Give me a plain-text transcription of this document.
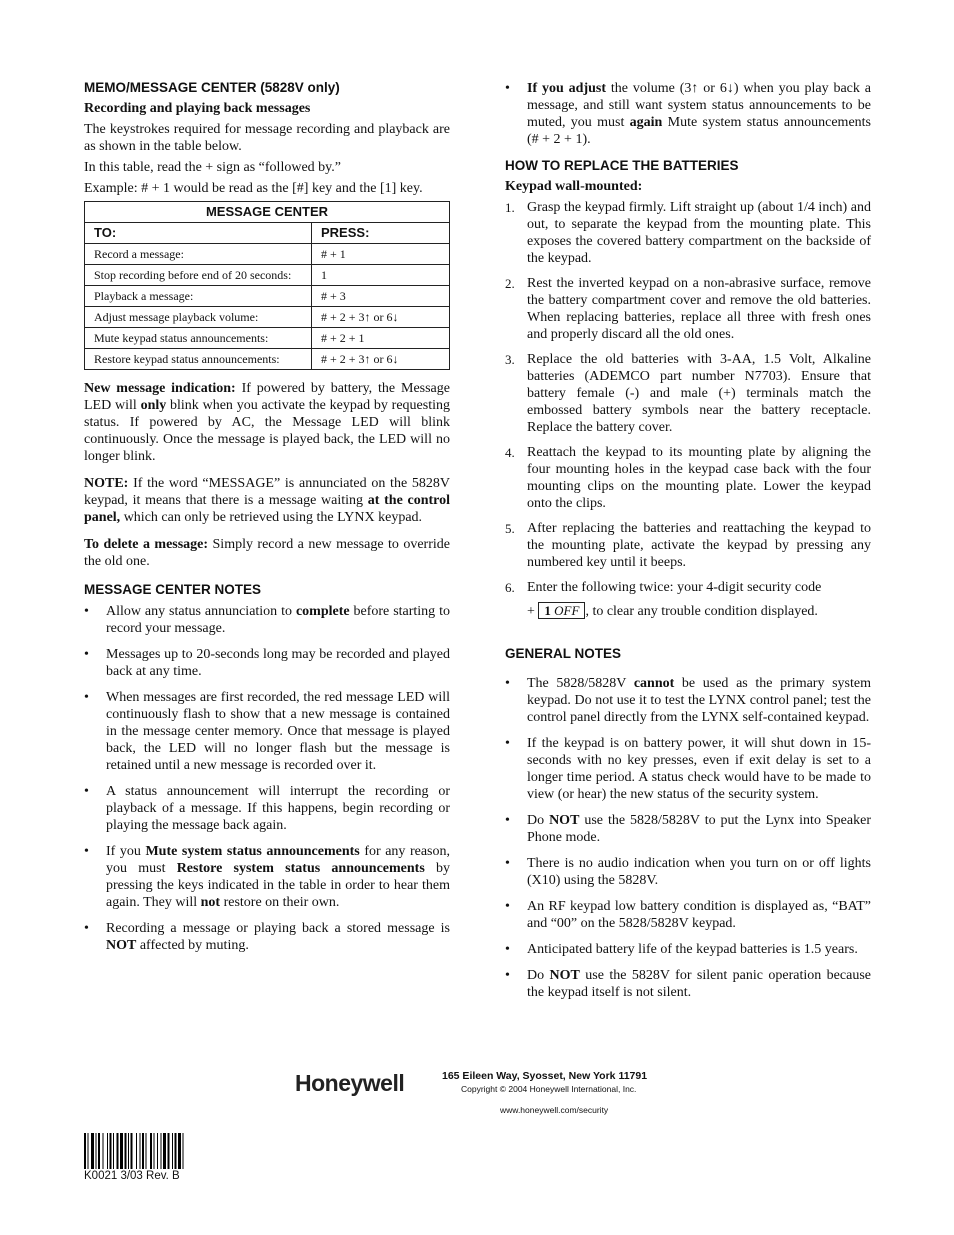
MEMO/MESSAGE CENTER (5828V only)
Recording and playing back messages

The keystrokes required for message recording and playback are as shown in the table below.

In this table, read the + sign as “followed by.”

Example: # + 1 would be read as the [#] key and the [1] key.

MESSAGE CENTER	
TO:	PRESS:
Record a message:	# + 1
Stop recording before end of 20 seconds:	1
Playback a message:	# + 3
Adjust message playback volume:	# + 2 + 3↑ or 6↓
Mute keypad status announcements:	# + 2 + 1
Restore keypad status announcements:	# + 2 + 3↑ or 6↓

New message indication: If powered by battery, the Message LED will only blink when you activate the keypad by requesting status. If powered by AC, the Message LED will blink continuously. Once the message is played back, the LED will no longer blink.

NOTE: If the word “MESSAGE” is annunciated on the 5828V keypad, it means that there is a message waiting at the control panel, which can only be retrieved using the LYNX keypad.

To delete a message: Simply record a new message to override the old one.

MESSAGE CENTER NOTES
• Allow any status annunciation to complete before starting to record your message.
• Messages up to 20-seconds long may be recorded and played back at any time.
• When messages are first recorded, the red message LED will continuously flash to show that a new message is contained in the message center memory. Once that message is played back, the LED will no longer flash but the message is retained until a new message is recorded over it.
• A status announcement will interrupt the recording or playback of a message. If this happens, begin recording or playing the message back again.
• If you Mute system status announcements for any reason, you must Restore system status announcements by pressing the keys indicated in the table in order to hear them again. They will not restore on their own.
• Recording a message or playing back a stored message is NOT affected by muting.
• If you adjust the volume (3↑ or 6↓) when you play back a message, and still want system status announcements to be muted, you must again Mute system status announcements (# + 2 + 1).
HOW TO REPLACE THE BATTERIES
Keypad wall-mounted:
1. Grasp the keypad firmly. Lift straight up (about 1/4 inch) and out, to separate the keypad from the mounting plate. This exposes the covered battery compartment on the backside of the keypad.
2. Rest the inverted keypad on a non-abrasive surface, remove the battery compartment cover and remove the old batteries. When replacing batteries, replace all three with fresh ones and properly discard all the old ones.
3. Replace the old batteries with 3-AA, 1.5 Volt, Alkaline batteries (ADEMCO part number N7703). Ensure that battery female (-) and male (+) terminals match the embossed battery symbols near the battery receptacle. Replace the battery cover.
4. Reattach the keypad to its mounting plate by aligning the four mounting holes in the keypad case back with the four mounting clips on the mounting plate. Lower the keypad onto the clips.
5. After replacing the batteries and reattaching the keypad to the mounting plate, activate the keypad by pressing any numbered key until it beeps.
6. Enter the following twice: your 4-digit security code
+ 1 OFF , to clear any trouble condition displayed.
GENERAL NOTES
• The 5828/5828V cannot be used as the primary system keypad. Do not use it to test the LYNX control panel; test the control panel directly from the LYNX self-contained keypad.
• If the keypad is on battery power, it will shut down in 15-seconds with no key presses, even if exit delay is set to a longer time period. A status check would have to be made to view (or hear) the new status of the security system.
• Do NOT use the 5828/5828V to put the Lynx into Speaker Phone mode.
• There is no audio indication when you turn on or off lights (X10) using the 5828V.
• An RF keypad low battery condition is displayed as, “BAT” and “00” on the 5828/5828V keypad.
• Anticipated battery life of the keypad batteries is 1.5 years.
• Do NOT use the 5828V for silent panic operation because the keypad itself is not silent.
Honeywell	165 Eileen Way, Syosset, New York 11791
Copyright © 2004 Honeywell International, Inc.
www.honeywell.com/security
K0021 3/03 Rev. B
